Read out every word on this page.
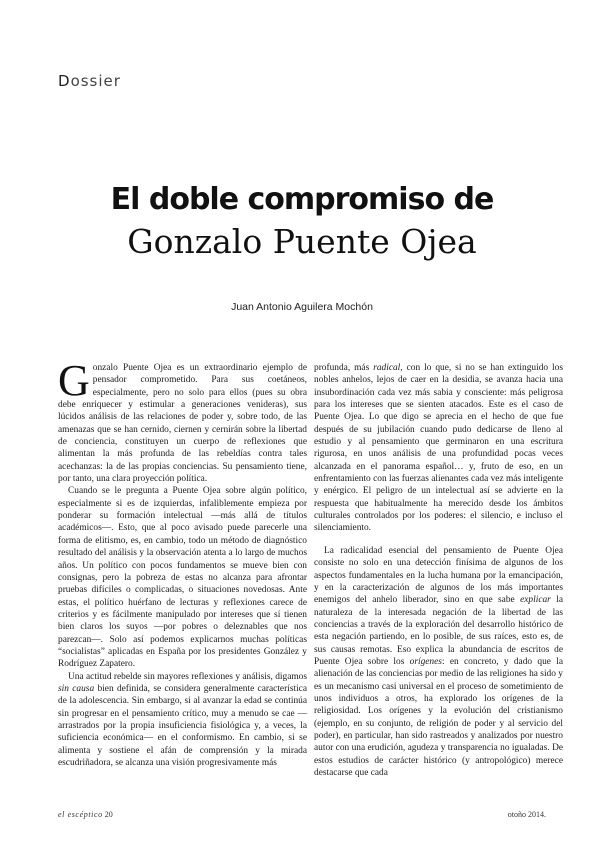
Dossier
El doble compromiso de
Gonzalo Puente Ojea
Juan Antonio Aguilera Mochón

Gonzalo Puente Ojea es un extraordinario ejemplo de pensador comprometido. Para sus coetáneos, especialmente, pero no solo para ellos (pues su obra debe enriquecer y estimular a generaciones venideras), sus lúcidos análisis de las relaciones de poder y, sobre todo, de las amenazas que se han cernido, ciernen y cernirán sobre la libertad de conciencia, constituyen un cuerpo de reflexiones que alimentan la más profunda de las rebeldías contra tales acechanzas: la de las propias conciencias. Su pensamiento tiene, por tanto, una clara proyección política.

Cuando se le pregunta a Puente Ojea sobre algún político, especialmente si es de izquierdas, infaliblemente empieza por ponderar su formación intelectual —más allá de títulos académicos—. Esto, que al poco avisado puede parecerle una forma de elitismo, es, en cambio, todo un método de diagnóstico resultado del análisis y la observación atenta a lo largo de muchos años. Un político con pocos fundamentos se mueve bien con consignas, pero la pobreza de estas no alcanza para afrontar pruebas difíciles o complicadas, o situaciones novedosas. Ante estas, el político huérfano de lecturas y reflexiones carece de criterios y es fácilmente manipulado por intereses que sí tienen bien claros los suyos —por pobres o deleznables que nos parezcan—. Solo así podemos explicarnos muchas políticas “socialistas” aplicadas en España por los presidentes González y Rodríguez Zapatero.

Una actitud rebelde sin mayores reflexiones y análisis, digamos sin causa bien definida, se considera generalmente característica de la adolescencia. Sin embargo, si al avanzar la edad se continúa sin progresar en el pensamiento crítico, muy a menudo se cae —arrastrados por la propia insuficiencia fisiológica y, a veces, la suficiencia económica— en el conformismo. En cambio, si se alimenta y sostiene el afán de comprensión y la mirada escudriñadora, se alcanza una visión progresivamente más

profunda, más radical, con lo que, si no se han extinguido los nobles anhelos, lejos de caer en la desidia, se avanza hacia una insubordinación cada vez más sabia y consciente: más peligrosa para los intereses que se sienten atacados. Este es el caso de Puente Ojea. Lo que digo se aprecia en el hecho de que fue después de su jubilación cuando pudo dedicarse de lleno al estudio y al pensamiento que germinaron en una escritura rigurosa, en unos análisis de una profundidad pocas veces alcanzada en el panorama español… y, fruto de eso, en un enfrentamiento con las fuerzas alienantes cada vez más inteligente y enérgico. El peligro de un intelectual así se advierte en la respuesta que habitualmente ha merecido desde los ámbitos culturales controlados por los poderes: el silencio, e incluso el silenciamiento.

La radicalidad esencial del pensamiento de Puente Ojea consiste no solo en una detección finísima de algunos de los aspectos fundamentales en la lucha humana por la emancipación, y en la caracterización de algunos de los más importantes enemigos del anhelo liberador, sino en que sabe explicar la naturaleza de la interesada negación de la libertad de las conciencias a través de la exploración del desarrollo histórico de esta negación partiendo, en lo posible, de sus raíces, esto es, de sus causas remotas. Eso explica la abundancia de escritos de Puente Ojea sobre los orígenes: en concreto, y dado que la alienación de las conciencias por medio de las religiones ha sido y es un mecanismo casi universal en el proceso de sometimiento de unos individuos a otros, ha explorado los orígenes de la religiosidad. Los orígenes y la evolución del cristianismo (ejemplo, en su conjunto, de religión de poder y al servicio del poder), en particular, han sido rastreados y analizados por nuestro autor con una erudición, agudeza y transparencia no igualadas. De estos estudios de carácter histórico (y antropológico) merece destacarse que cada

el escéptico 20	otoño 2014.
